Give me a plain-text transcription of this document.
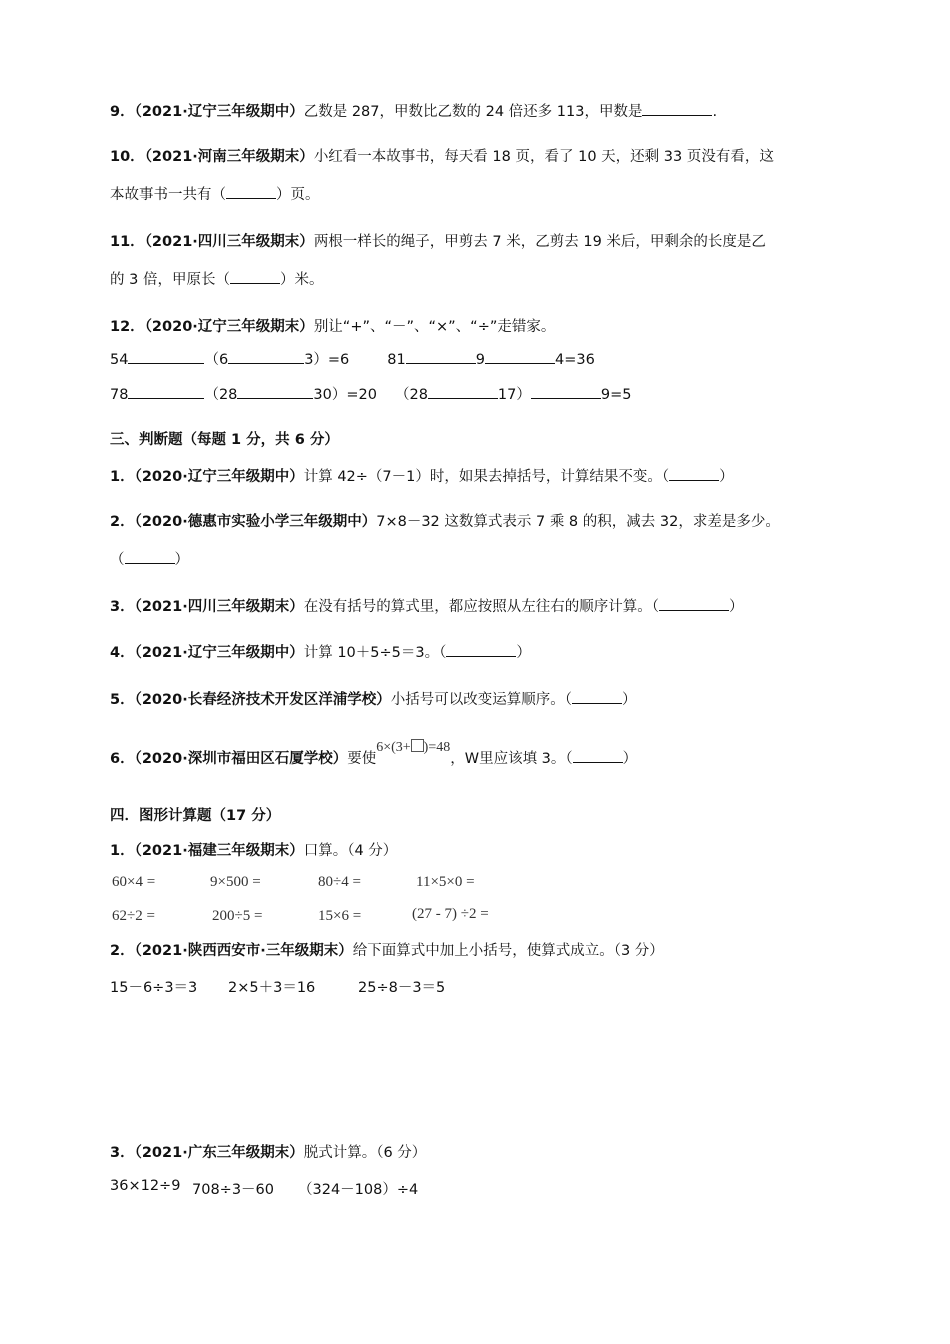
9．（2021·辽宁三年级期中）乙数是 287，甲数比乙数的 24 倍还多 113，甲数是	.
10．（2021·河南三年级期末）小红看一本故事书，每天看 18 页，看了 10 天，还剩 33 页没有看，这
本故事书一共有（	）页。
11．（2021·四川三年级期末）两根一样长的绳子，甲剪去 7 米，乙剪去 19 米后，甲剩余的长度是乙
的 3 倍，甲原长（	）米。
12．（2020·辽宁三年级期末）别让“+”、“－”、“×”、“÷”走错家。
54	（6	3）=6	81	9	4=36
78	（28	30）=20 （28	17）	9=5
三、判断题（每题 1 分，共 6 分）
1．（2020·辽宁三年级期中）计算 42÷（7－1）时，如果去掉括号，计算结果不变。（	）
2．（2020·德惠市实验小学三年级期中）7×8－32 这数算式表示 7 乘 8 的积，减去 32，求差是多少。
（	）
3．（2021·四川三年级期末）在没有括号的算式里，都应按照从左往右的顺序计算。（	）
4．（2021·辽宁三年级期中）计算 10＋5÷5＝3。（	）
5．（2020·长春经济技术开发区洋浦学校）小括号可以改变运算顺序。（	）
6．（2020·深圳市福田区石厦学校）要使6×(3+ )=48，W里应该填 3。（	）
四．图形计算题（17 分）
1．（2021·福建三年级期末）口算。（4 分）
60×4 =	9×500 =	80÷4 =	11×5×0 =
62÷2 =	200÷5 =	15×6 =	(27 - 7) ÷2 =
2．（2021·陕西西安市·三年级期末）给下面算式中加上小括号，使算式成立。（3 分）
15－6÷3＝3 2×5＋3＝16	25÷8－3＝5
3．（2021·广东三年级期末）脱式计算。（6 分）
36×12÷9 708÷3－60 （324－108）÷4
